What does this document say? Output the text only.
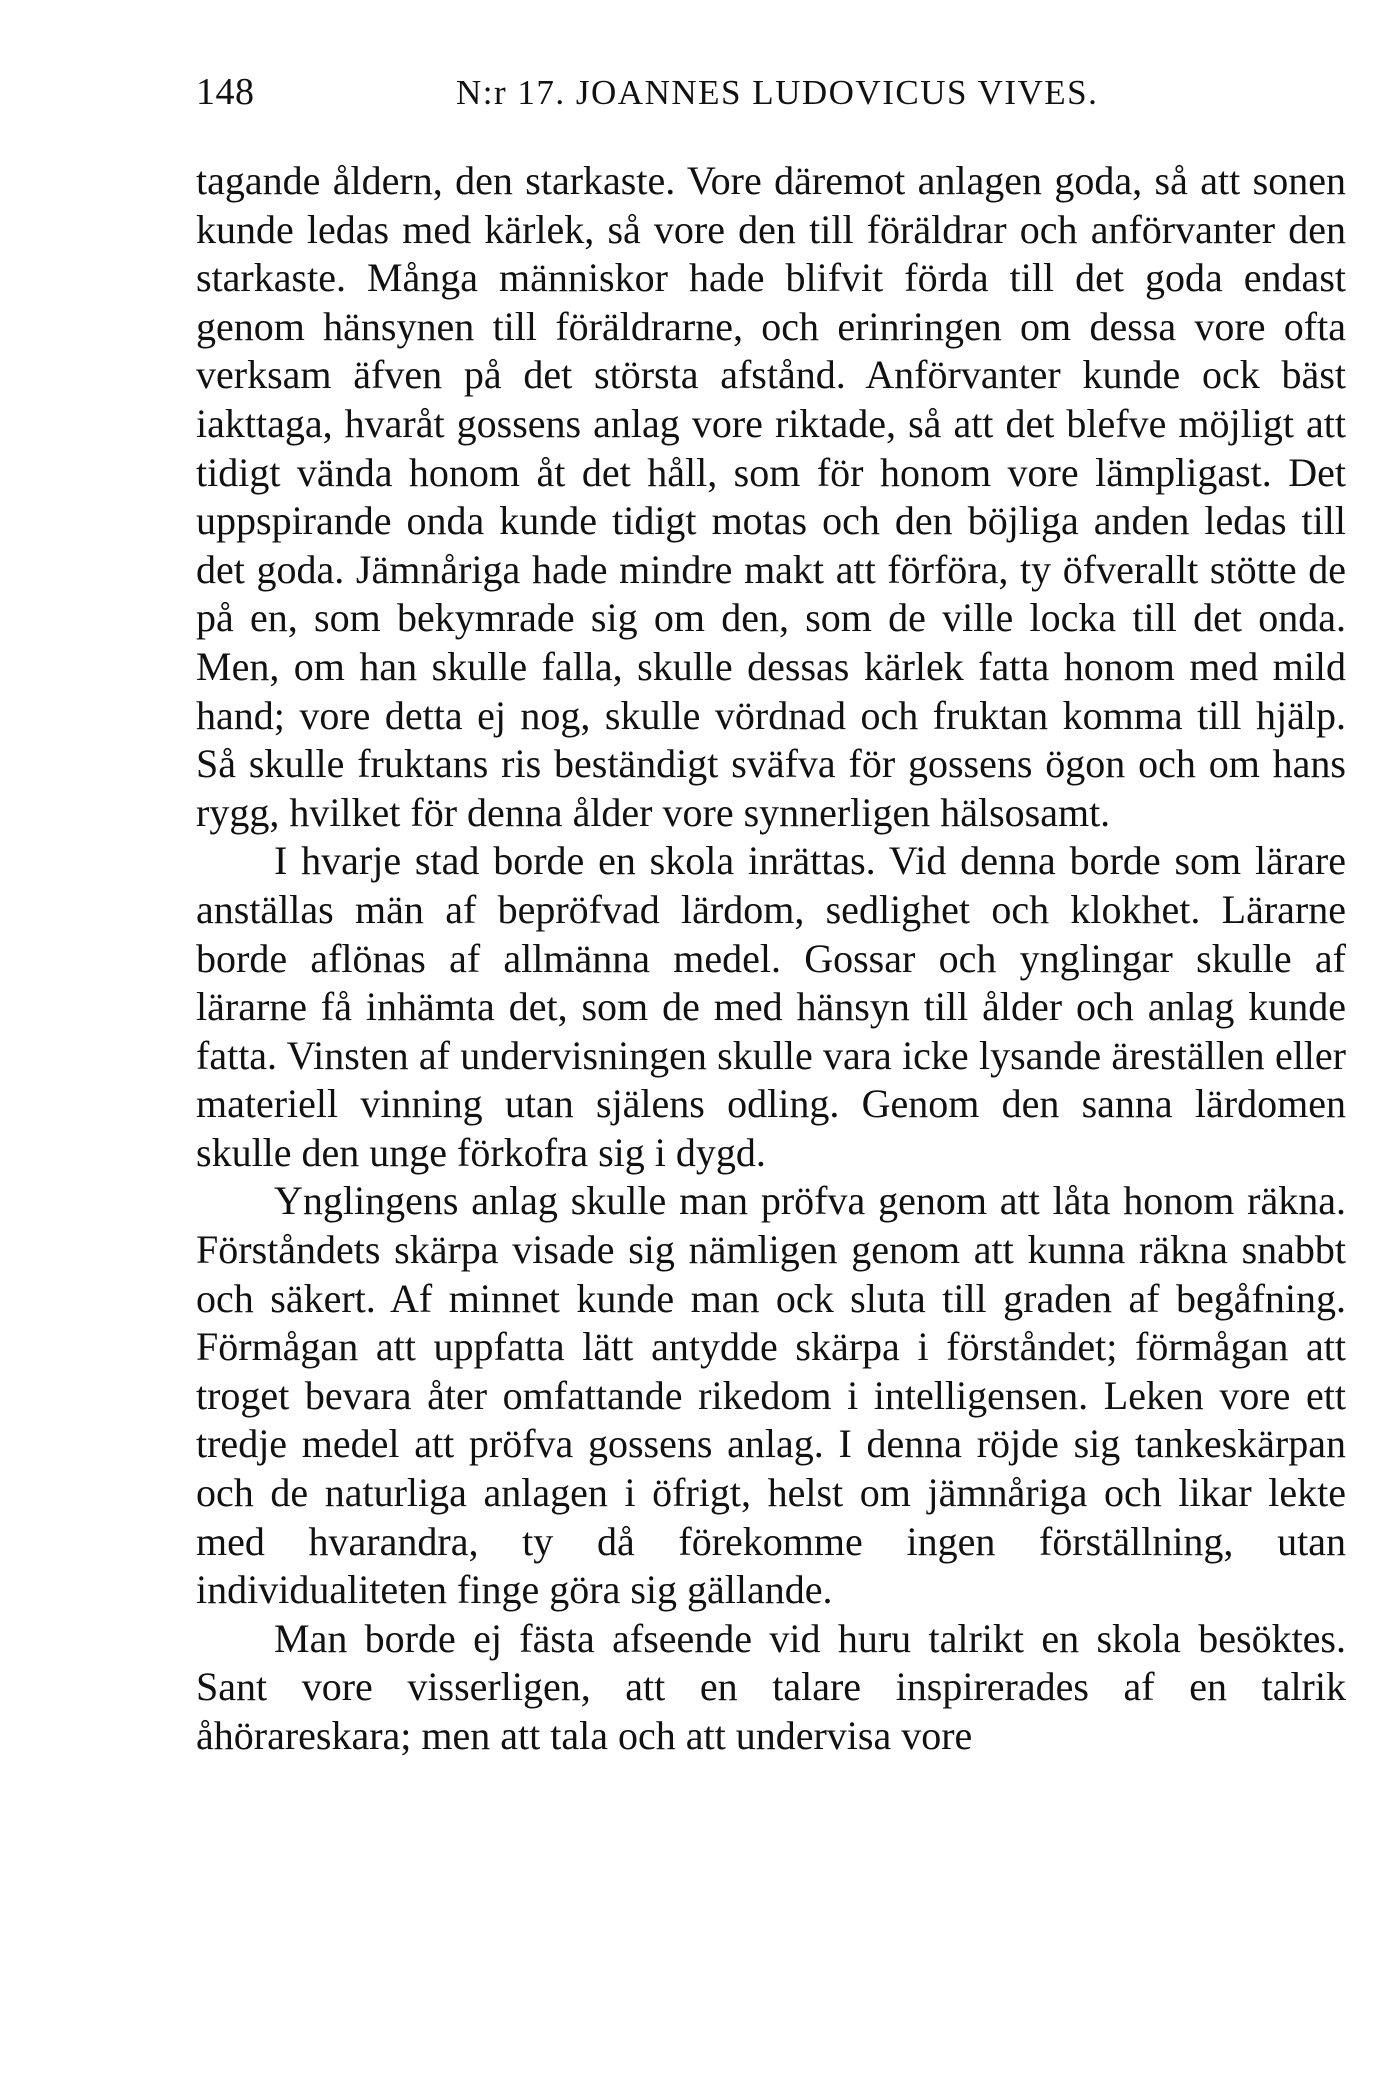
148	N:r 17. JOANNES LUDOVICUS VIVES.

tagande åldern, den starkaste. Vore däremot anlagen goda, så att sonen kunde ledas med kärlek, så vore den till föräldrar och anförvanter den starkaste. Många människor hade blifvit förda till det goda endast genom hänsynen till föräldrarne, och erinringen om dessa vore ofta verksam äfven på det största afstånd. Anförvanter kunde ock bäst iakttaga, hvaråt gossens anlag vore riktade, så att det blefve möjligt att tidigt vända honom åt det håll, som för honom vore lämpligast. Det uppspirande onda kunde tidigt motas och den böjliga anden ledas till det goda. Jämnåriga hade mindre makt att förföra, ty öfverallt stötte de på en, som bekymrade sig om den, som de ville locka till det onda. Men, om han skulle falla, skulle dessas kärlek fatta honom med mild hand; vore detta ej nog, skulle vördnad och fruktan komma till hjälp. Så skulle fruktans ris beständigt sväfva för gossens ögon och om hans rygg, hvilket för denna ålder vore synnerligen hälsosamt.

I hvarje stad borde en skola inrättas. Vid denna borde som lärare anställas män af bepröfvad lärdom, sedlighet och klokhet. Lärarne borde aflönas af allmänna medel. Gossar och ynglingar skulle af lärarne få inhämta det, som de med hänsyn till ålder och anlag kunde fatta. Vinsten af undervisningen skulle vara icke lysande äreställen eller materiell vinning utan själens odling. Genom den sanna lärdomen skulle den unge förkofra sig i dygd.

Ynglingens anlag skulle man pröfva genom att låta honom räkna. Förståndets skärpa visade sig nämligen genom att kunna räkna snabbt och säkert. Af minnet kunde man ock sluta till graden af begåfning. Förmågan att uppfatta lätt antydde skärpa i förståndet; förmågan att troget bevara åter omfattande rikedom i intelligensen. Leken vore ett tredje medel att pröfva gossens anlag. I denna röjde sig tankeskärpan och de naturliga anlagen i öfrigt, helst om jämnåriga och likar lekte med hvarandra, ty då förekomme ingen förställning, utan individualiteten finge göra sig gällande.

Man borde ej fästa afseende vid huru talrikt en skola besöktes. Sant vore visserligen, att en talare inspirerades af en talrik åhörareskara; men att tala och att undervisa vore
